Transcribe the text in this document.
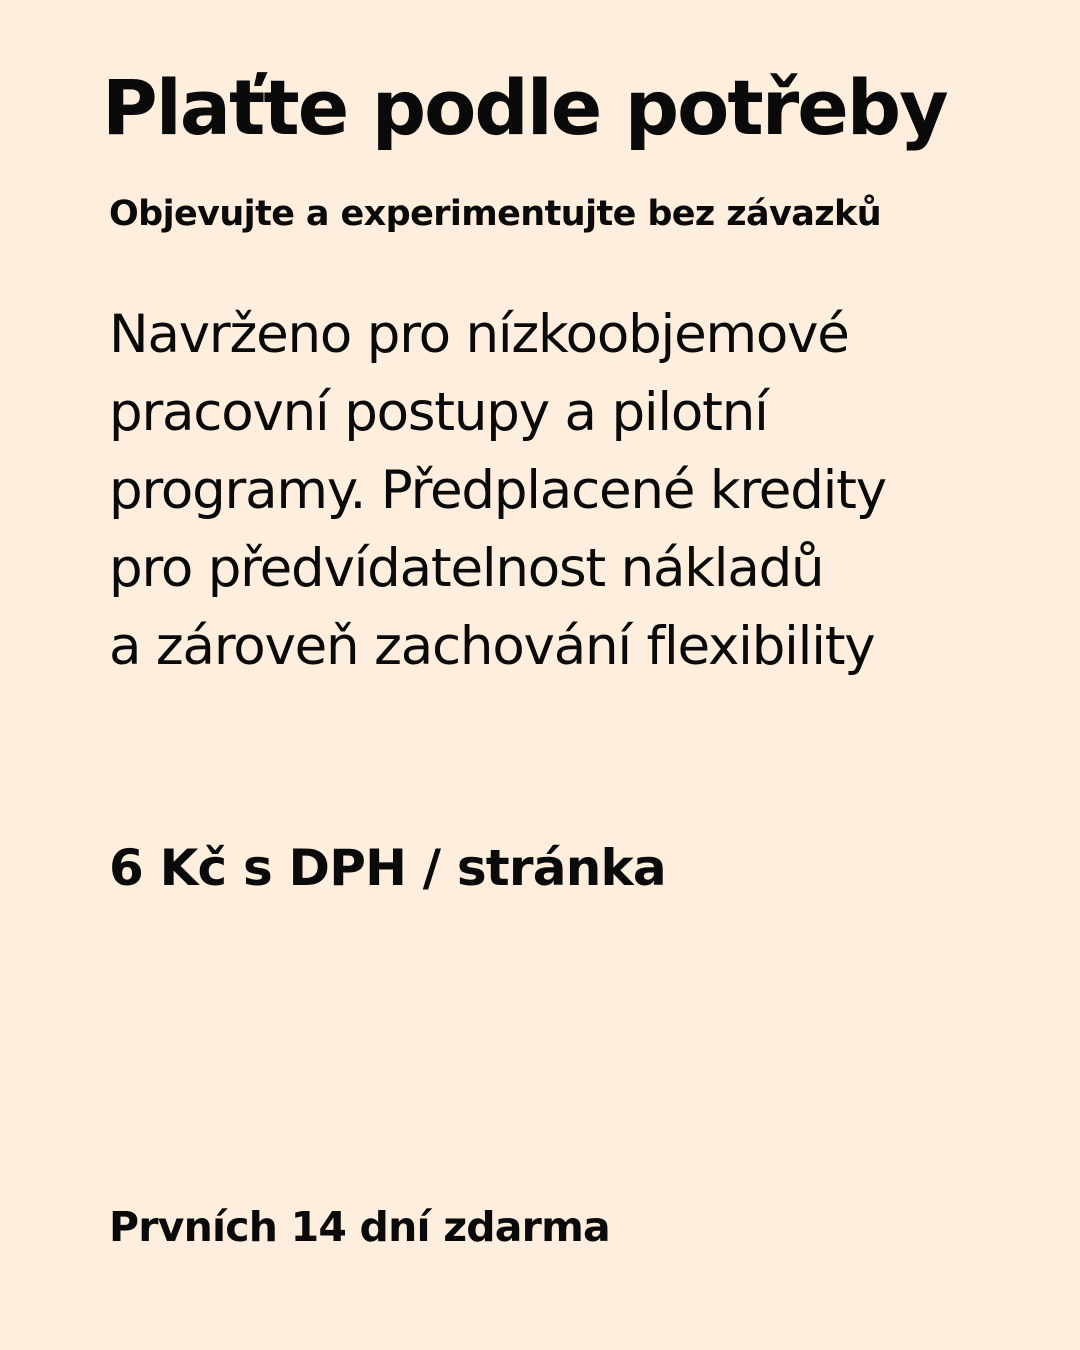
Plaťte podle potřeby
Objevujte a experimentujte bez závazků

Navrženo pro nízkoobjemové
pracovní postupy a pilotní
programy. Předplacené kredity
pro předvídatelnost nákladů
a zároveň zachování flexibility

6 Kč s DPH / stránka

Prvních 14 dní zdarma
